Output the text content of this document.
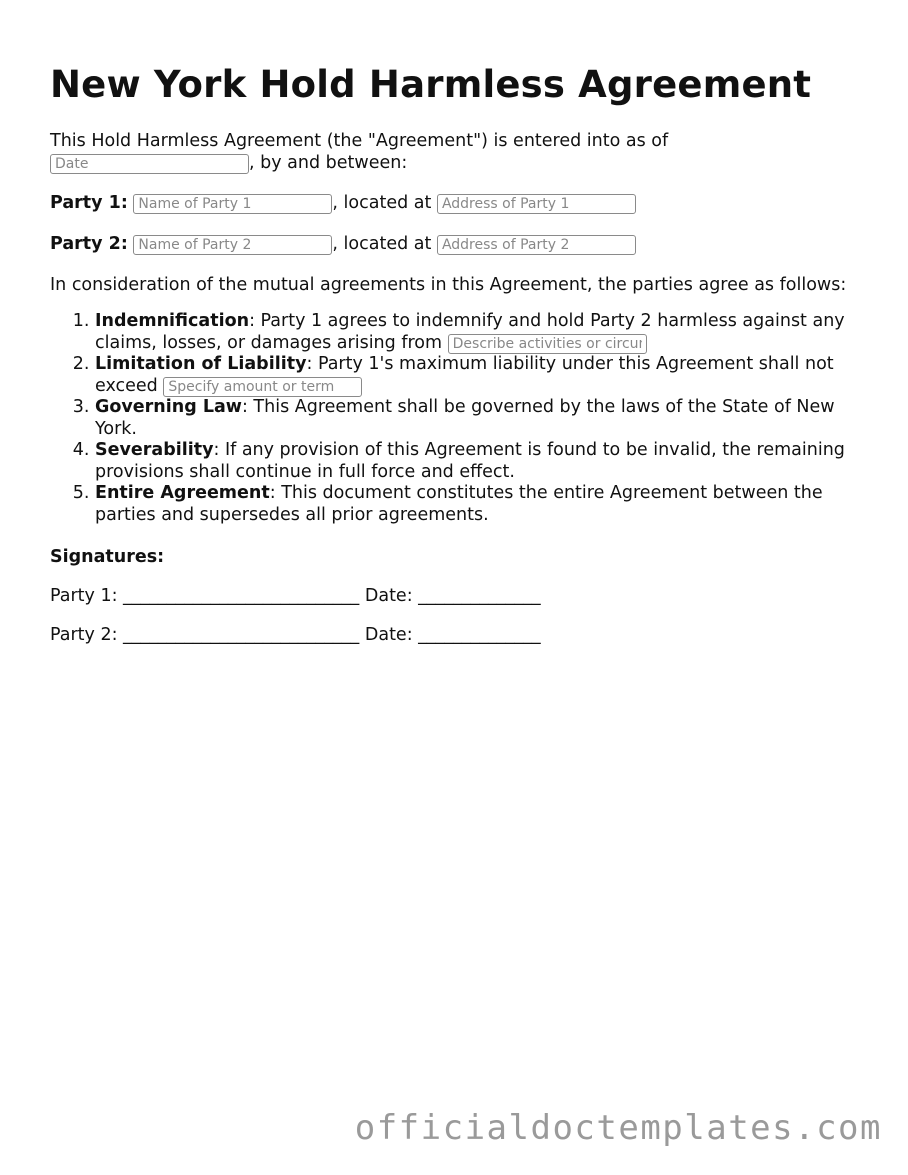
New York Hold Harmless Agreement

This Hold Harmless Agreement (the "Agreement") is entered into as of
Date, by and between:

Party 1: Name of Party 1	, located at Address of Party 1
Party 2: Name of Party 2	, located at Address of Party 2

In consideration of the mutual agreements in this Agreement, the parties agree as follows:

1. Indemnification: Party 1 agrees to indemnify and hold Party 2 harmless against any claims, losses, or damages arising from Describe activities or circumstances
2. Limitation of Liability: Party 1's maximum liability under this Agreement shall not exceed Specify amount or term
3. Governing Law: This Agreement shall be governed by the laws of the State of New York.
4. Severability: If any provision of this Agreement is found to be invalid, the remaining provisions shall continue in full force and effect.
5. Entire Agreement: This document constitutes the entire Agreement between the parties and supersedes all prior agreements.
Signatures:
Party 1: ___________________________ Date: ______________
Party 2: ___________________________ Date: ______________
officialdoctemplates.com
